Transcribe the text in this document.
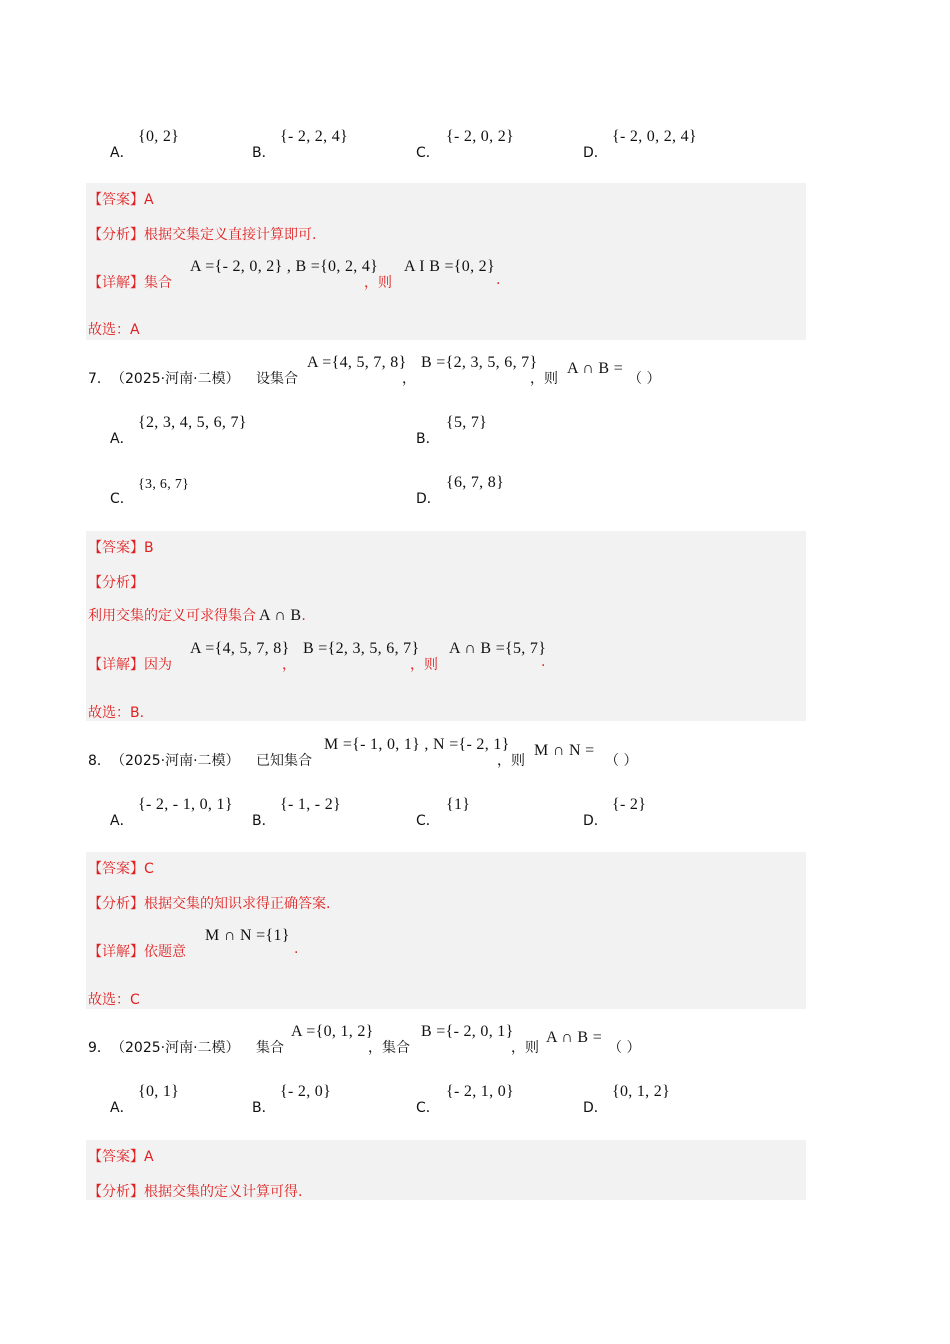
A．
{0, 2}
B．
{- 2, 2, 4}
C．
{- 2, 0, 2}
D．
{- 2, 0, 2, 4}
【答案】A
【分析】根据交集定义直接计算即可.
【详解】集合
A ={- 2, 0, 2} , B ={0, 2, 4}
，则
A I B ={0, 2}
.
故选：A
7． （2025·河南·二模） 设集合
A ={4, 5, 7, 8}
，
B ={2, 3, 5, 6, 7}
，则
A ∩ B =
（ ）
A．
{2, 3, 4, 5, 6, 7}
B．
{5, 7}
C．
{3, 6, 7}
D．
{6, 7, 8}
【答案】B
【分析】
利用交集的定义可求得集合 A ∩ B.
【详解】因为
A ={4, 5, 7, 8}
，
B ={2, 3, 5, 6, 7}
，则
A ∩ B ={5, 7}
.
故选：B.
8． （2025·河南·二模） 已知集合
M ={- 1, 0, 1} , N ={- 2, 1}
，则
M ∩ N =
（ ）
A．
{- 2, - 1, 0, 1}
B．
{- 1, - 2}
C．
{1}
D．
{- 2}
【答案】C
【分析】根据交集的知识求得正确答案.
【详解】依题意
M ∩ N ={1}
.
故选：C
9． （2025·河南·二模） 集合
A ={0, 1, 2}
，集合
B ={- 2, 0, 1}
，则
A ∩ B =
（ ）
A．
{0, 1}
B．
{- 2, 0}
C．
{- 2, 1, 0}
D．
{0, 1, 2}
【答案】A
【分析】根据交集的定义计算可得.
